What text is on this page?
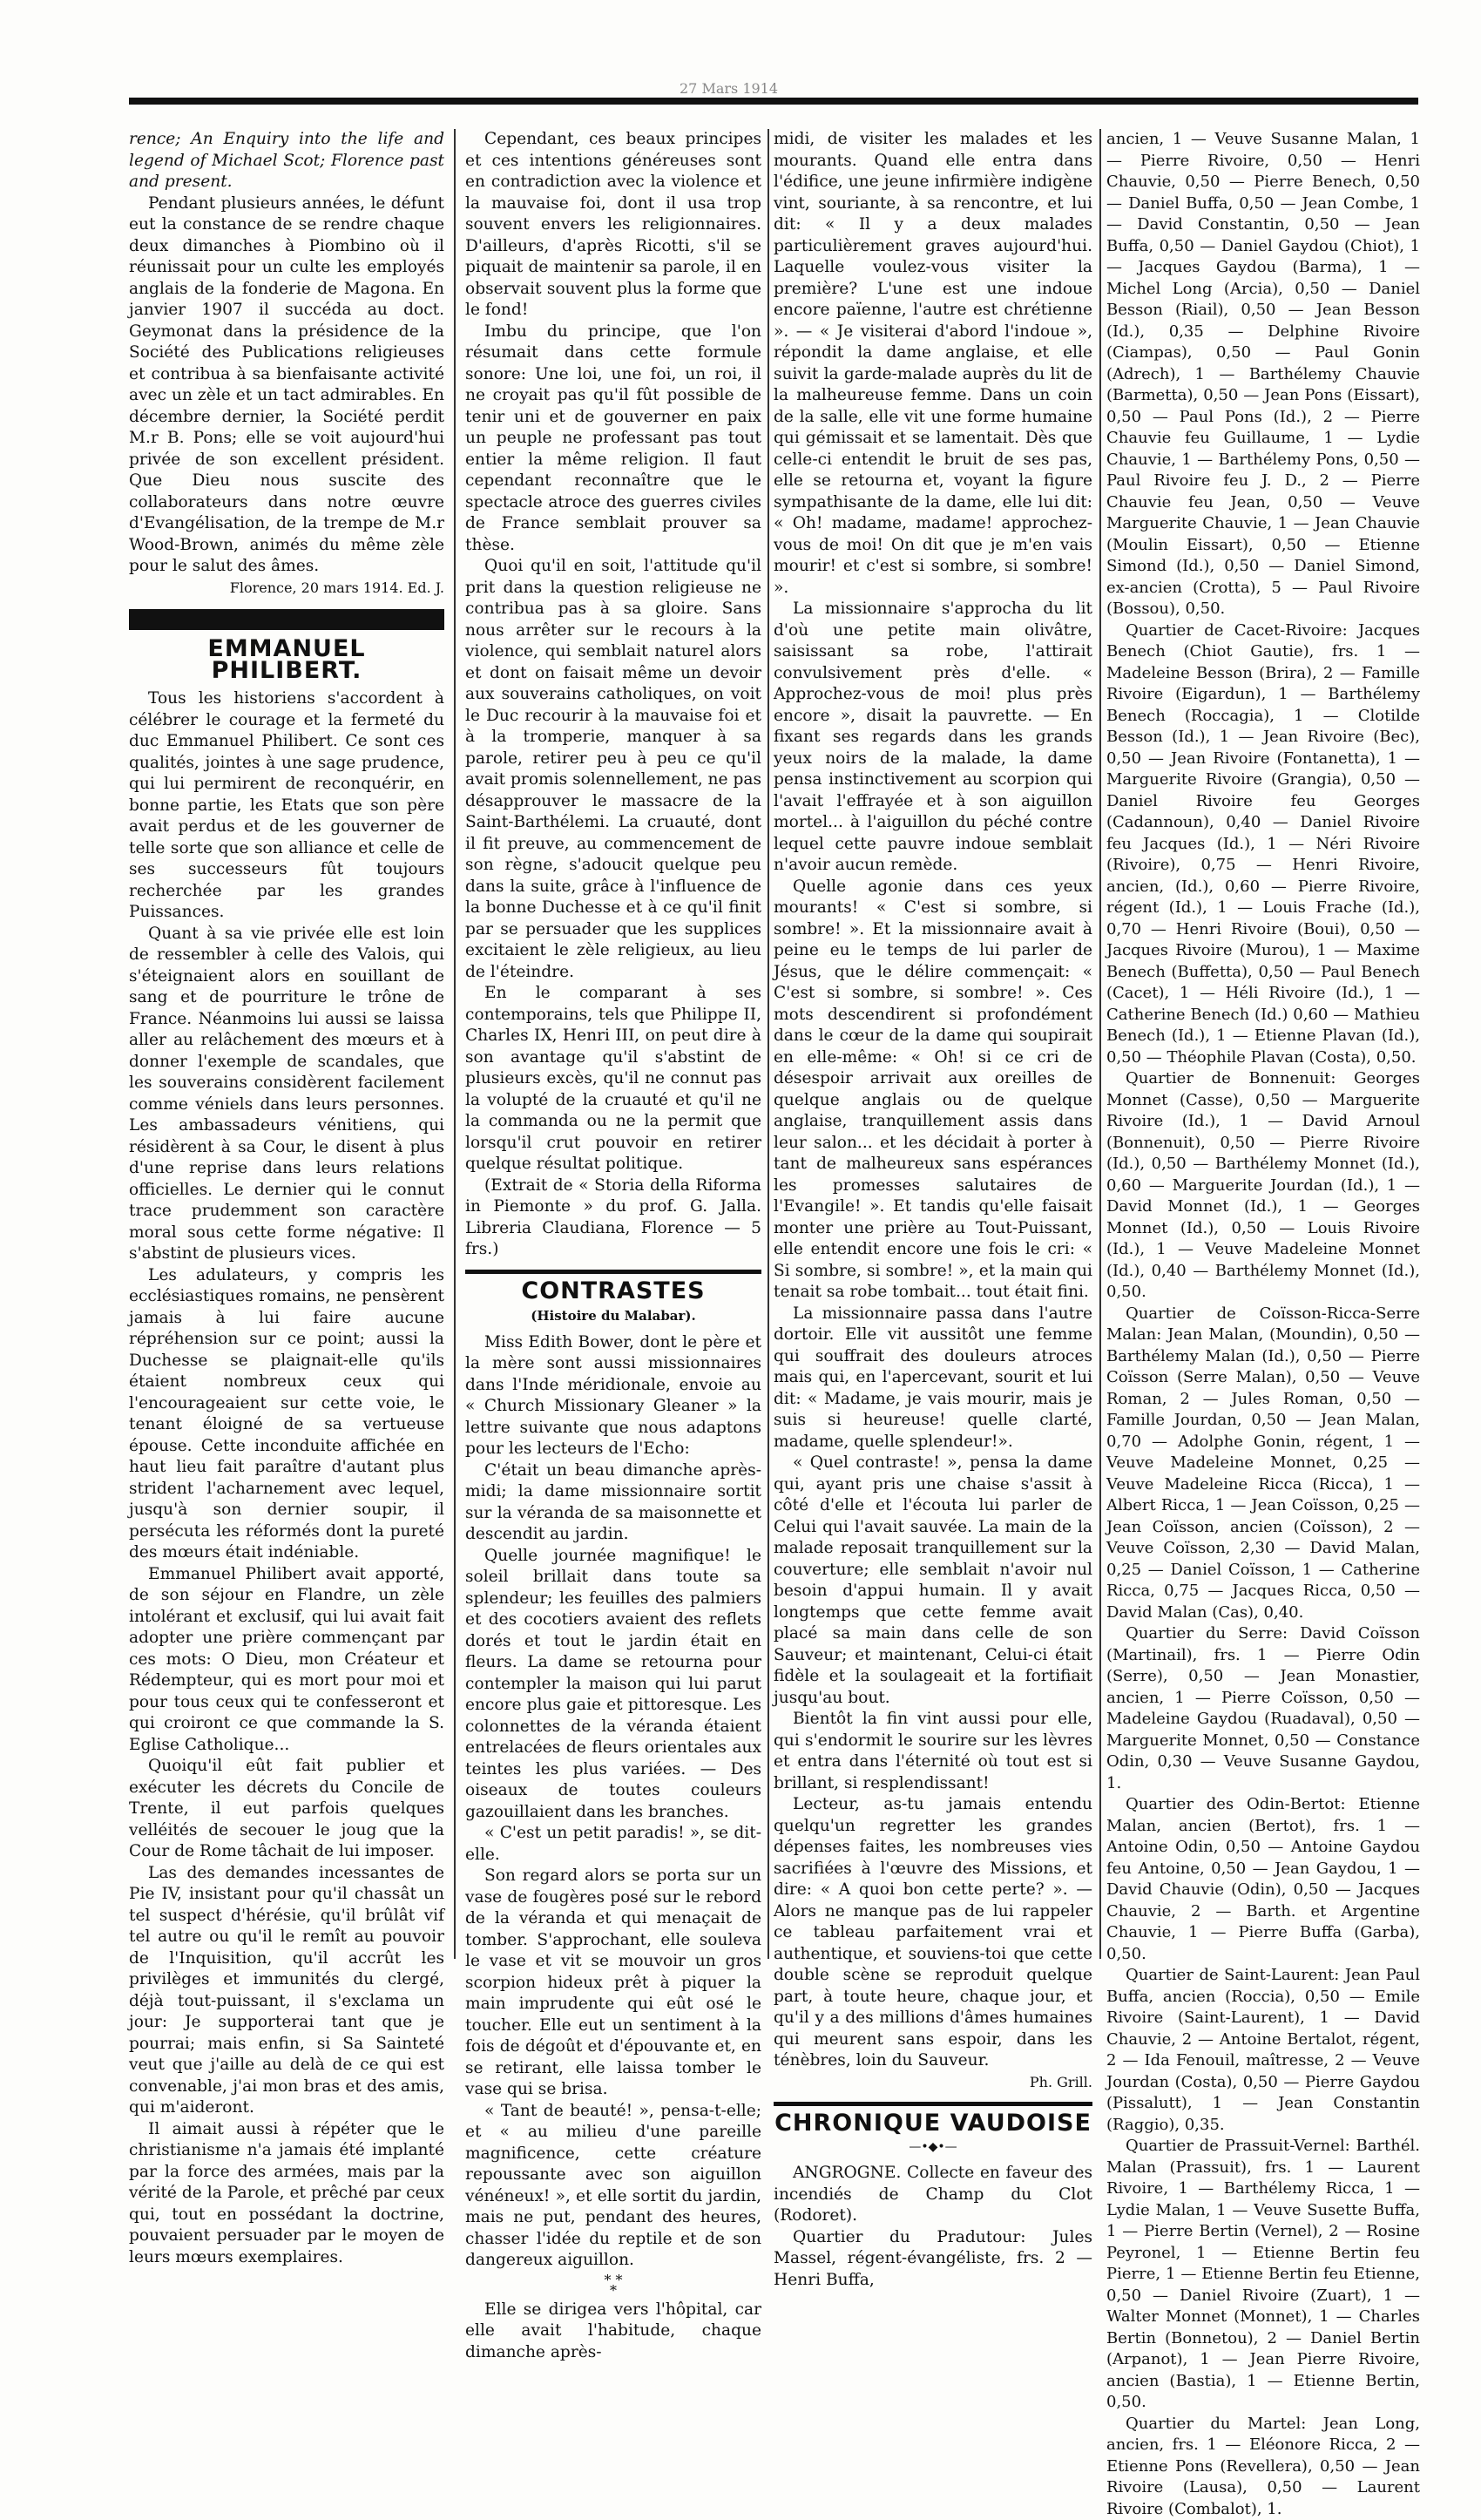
27 Mars 1914

rence; An Enquiry into the life and legend of Michael Scot; Florence past and present.

Pendant plusieurs années, le défunt eut la constance de se rendre chaque deux dimanches à Piombino où il réunissait pour un culte les employés anglais de la fonderie de Magona. En janvier 1907 il succéda au doct. Geymonat dans la présidence de la Société des Publications religieuses et contribua à sa bienfaisante activité avec un zèle et un tact admirables. En décembre dernier, la Société perdit M.r B. Pons; elle se voit aujourd'hui privée de son excellent président. Que Dieu nous suscite des collaborateurs dans notre œuvre d'Evangélisation, de la trempe de M.r Wood-Brown, animés du même zèle pour le salut des âmes.

Florence, 20 mars 1914. Ed. J.
EMMANUEL PHILIBERT.

Tous les historiens s'accordent à célébrer le courage et la fermeté du duc Emmanuel Philibert. Ce sont ces qualités, jointes à une sage prudence, qui lui permirent de reconquérir, en bonne partie, les Etats que son père avait perdus et de les gouverner de telle sorte que son alliance et celle de ses successeurs fût toujours recherchée par les grandes Puissances.

Quant à sa vie privée elle est loin de ressembler à celle des Valois, qui s'éteignaient alors en souillant de sang et de pourriture le trône de France. Néanmoins lui aussi se laissa aller au relâchement des mœurs et à donner l'exemple de scandales, que les souverains considèrent facilement comme véniels dans leurs personnes. Les ambassadeurs vénitiens, qui résidèrent à sa Cour, le disent à plus d'une reprise dans leurs relations officielles. Le dernier qui le connut trace prudemment son caractère moral sous cette forme négative: Il s'abstint de plusieurs vices.

Les adulateurs, y compris les ecclésiastiques romains, ne pensèrent jamais à lui faire aucune répréhension sur ce point; aussi la Duchesse se plaignait-elle qu'ils étaient nombreux ceux qui l'encourageaient sur cette voie, le tenant éloigné de sa vertueuse épouse. Cette inconduite affichée en haut lieu fait paraître d'autant plus strident l'acharnement avec lequel, jusqu'à son dernier soupir, il persécuta les réformés dont la pureté des mœurs était indéniable.

Emmanuel Philibert avait apporté, de son séjour en Flandre, un zèle intolérant et exclusif, qui lui avait fait adopter une prière commençant par ces mots: O Dieu, mon Créateur et Rédempteur, qui es mort pour moi et pour tous ceux qui te confesseront et qui croiront ce que commande la S. Eglise Catholique...

Quoiqu'il eût fait publier et exécuter les décrets du Concile de Trente, il eut parfois quelques velléités de secouer le joug que la Cour de Rome tâchait de lui imposer.

Las des demandes incessantes de Pie IV, insistant pour qu'il chassât un tel suspect d'hérésie, qu'il brûlât vif tel autre ou qu'il le remît au pouvoir de l'Inquisition, qu'il accrût les privilèges et immunités du clergé, déjà tout-puissant, il s'exclama un jour: Je supporterai tant que je pourrai; mais enfin, si Sa Sainteté veut que j'aille au delà de ce qui est convenable, j'ai mon bras et des amis, qui m'aideront.

Il aimait aussi à répéter que le christianisme n'a jamais été implanté par la force des armées, mais par la vérité de la Parole, et prêché par ceux qui, tout en possédant la doctrine, pouvaient persuader par le moyen de leurs mœurs exemplaires.

Cependant, ces beaux principes et ces intentions généreuses sont en contradiction avec la violence et la mauvaise foi, dont il usa trop souvent envers les religionnaires. D'ailleurs, d'après Ricotti, s'il se piquait de maintenir sa parole, il en observait souvent plus la forme que le fond!

Imbu du principe, que l'on résumait dans cette formule sonore: Une loi, une foi, un roi, il ne croyait pas qu'il fût possible de tenir uni et de gouverner en paix un peuple ne professant pas tout entier la même religion. Il faut cependant reconnaître que le spectacle atroce des guerres civiles de France semblait prouver sa thèse.

Quoi qu'il en soit, l'attitude qu'il prit dans la question religieuse ne contribua pas à sa gloire. Sans nous arrêter sur le recours à la violence, qui semblait naturel alors et dont on faisait même un devoir aux souverains catholiques, on voit le Duc recourir à la mauvaise foi et à la tromperie, manquer à sa parole, retirer peu à peu ce qu'il avait promis solennellement, ne pas désapprouver le massacre de la Saint-Barthélemi. La cruauté, dont il fit preuve, au commencement de son règne, s'adoucit quelque peu dans la suite, grâce à l'influence de la bonne Duchesse et à ce qu'il finit par se persuader que les supplices excitaient le zèle religieux, au lieu de l'éteindre.

En le comparant à ses contemporains, tels que Philippe II, Charles IX, Henri III, on peut dire à son avantage qu'il s'abstint de plusieurs excès, qu'il ne connut pas la volupté de la cruauté et qu'il ne la commanda ou ne la permit que lorsqu'il crut pouvoir en retirer quelque résultat politique.

(Extrait de « Storia della Riforma in Piemonte » du prof. G. Jalla. Libreria Claudiana, Florence — 5 frs.)

CONTRASTES
(Histoire du Malabar).

Miss Edith Bower, dont le père et la mère sont aussi missionnaires dans l'Inde méridionale, envoie au « Church Missionary Gleaner » la lettre suivante que nous adaptons pour les lecteurs de l'Echo:

C'était un beau dimanche après-midi; la dame missionnaire sortit sur la véranda de sa maisonnette et descendit au jardin.

Quelle journée magnifique! le soleil brillait dans toute sa splendeur; les feuilles des palmiers et des cocotiers avaient des reflets dorés et tout le jardin était en fleurs. La dame se retourna pour contempler la maison qui lui parut encore plus gaie et pittoresque. Les colonnettes de la véranda étaient entrelacées de fleurs orientales aux teintes les plus variées. — Des oiseaux de toutes couleurs gazouillaient dans les branches.

« C'est un petit paradis! », se dit-elle.

Son regard alors se porta sur un vase de fougères posé sur le rebord de la véranda et qui menaçait de tomber. S'approchant, elle souleva le vase et vit se mouvoir un gros scorpion hideux prêt à piquer la main imprudente qui eût osé le toucher. Elle eut un sentiment à la fois de dégoût et d'épouvante et, en se retirant, elle laissa tomber le vase qui se brisa.

« Tant de beauté! », pensa-t-elle; et « au milieu d'une pareille magnificence, cette créature repoussante avec son aiguillon vénéneux! », et elle sortit du jardin, mais ne put, pendant des heures, chasser l'idée du reptile et de son dangereux aiguillon.

* *
*

Elle se dirigea vers l'hôpital, car elle avait l'habitude, chaque dimanche après-

midi, de visiter les malades et les mourants. Quand elle entra dans l'édifice, une jeune infirmière indigène vint, souriante, à sa rencontre, et lui dit: « Il y a deux malades particulièrement graves aujourd'hui. Laquelle voulez-vous visiter la première? L'une est une indoue encore païenne, l'autre est chrétienne ». — « Je visiterai d'abord l'indoue », répondit la dame anglaise, et elle suivit la garde-malade auprès du lit de la malheureuse femme. Dans un coin de la salle, elle vit une forme humaine qui gémissait et se lamentait. Dès que celle-ci entendit le bruit de ses pas, elle se retourna et, voyant la figure sympathisante de la dame, elle lui dit: « Oh! madame, madame! approchez-vous de moi! On dit que je m'en vais mourir! et c'est si sombre, si sombre! ».

La missionnaire s'approcha du lit d'où une petite main olivâtre, saisissant sa robe, l'attirait convulsivement près d'elle. « Approchez-vous de moi! plus près encore », disait la pauvrette. — En fixant ses regards dans les grands yeux noirs de la malade, la dame pensa instinctivement au scorpion qui l'avait l'effrayée et à son aiguillon mortel... à l'aiguillon du péché contre lequel cette pauvre indoue semblait n'avoir aucun remède.

Quelle agonie dans ces yeux mourants! « C'est si sombre, si sombre! ». Et la missionnaire avait à peine eu le temps de lui parler de Jésus, que le délire commençait: « C'est si sombre, si sombre! ». Ces mots descendirent si profondément dans le cœur de la dame qui soupirait en elle-même: « Oh! si ce cri de désespoir arrivait aux oreilles de quelque anglais ou de quelque anglaise, tranquillement assis dans leur salon... et les décidait à porter à tant de malheureux sans espérances les promesses salutaires de l'Evangile! ». Et tandis qu'elle faisait monter une prière au Tout-Puissant, elle entendit encore une fois le cri: « Si sombre, si sombre! », et la main qui tenait sa robe tombait... tout était fini.

La missionnaire passa dans l'autre dortoir. Elle vit aussitôt une femme qui souffrait des douleurs atroces mais qui, en l'apercevant, sourit et lui dit: « Madame, je vais mourir, mais je suis si heureuse! quelle clarté, madame, quelle splendeur!».

« Quel contraste! », pensa la dame qui, ayant pris une chaise s'assit à côté d'elle et l'écouta lui parler de Celui qui l'avait sauvée. La main de la malade reposait tranquillement sur la couverture; elle semblait n'avoir nul besoin d'appui humain. Il y avait longtemps que cette femme avait placé sa main dans celle de son Sauveur; et maintenant, Celui-ci était fidèle et la soulageait et la fortifiait jusqu'au bout.

Bientôt la fin vint aussi pour elle, qui s'endormit le sourire sur les lèvres et entra dans l'éternité où tout est si brillant, si resplendissant!

Lecteur, as-tu jamais entendu quelqu'un regretter les grandes dépenses faites, les nombreuses vies sacrifiées à l'œuvre des Missions, et dire: « A quoi bon cette perte? ». — Alors ne manque pas de lui rappeler ce tableau parfaitement vrai et authentique, et souviens-toi que cette double scène se reproduit quelque part, à toute heure, chaque jour, et qu'il y a des millions d'âmes humaines qui meurent sans espoir, dans les ténèbres, loin du Sauveur.

Ph. Grill.
CHRONIQUE VAUDOISE
—•◆•—

ANGROGNE. Collecte en faveur des incendiés de Champ du Clot (Rodoret).

Quartier du Pradutour: Jules Massel, régent-évangéliste, frs. 2 — Henri Buffa,

ancien, 1 — Veuve Susanne Malan, 1 — Pierre Rivoire, 0,50 — Henri Chauvie, 0,50 — Pierre Benech, 0,50 — Daniel Buffa, 0,50 — Jean Combe, 1 — David Constantin, 0,50 — Jean Buffa, 0,50 — Daniel Gaydou (Chiot), 1 — Jacques Gaydou (Barma), 1 — Michel Long (Arcia), 0,50 — Daniel Besson (Riail), 0,50 — Jean Besson (Id.), 0,35 — Delphine Rivoire (Ciampas), 0,50 — Paul Gonin (Adrech), 1 — Barthélemy Chauvie (Barmetta), 0,50 — Jean Pons (Eissart), 0,50 — Paul Pons (Id.), 2 — Pierre Chauvie feu Guillaume, 1 — Lydie Chauvie, 1 — Barthélemy Pons, 0,50 — Paul Rivoire feu J. D., 2 — Pierre Chauvie feu Jean, 0,50 — Veuve Marguerite Chauvie, 1 — Jean Chauvie (Moulin Eissart), 0,50 — Etienne Simond (Id.), 0,50 — Daniel Simond, ex-ancien (Crotta), 5 — Paul Rivoire (Bossou), 0,50.

Quartier de Cacet-Rivoire: Jacques Benech (Chiot Gautie), frs. 1 — Madeleine Besson (Brira), 2 — Famille Rivoire (Eigardun), 1 — Barthélemy Benech (Roccagia), 1 — Clotilde Besson (Id.), 1 — Jean Rivoire (Bec), 0,50 — Jean Rivoire (Fontanetta), 1 — Marguerite Rivoire (Grangia), 0,50 — Daniel Rivoire feu Georges (Cadannoun), 0,40 — Daniel Rivoire feu Jacques (Id.), 1 — Néri Rivoire (Rivoire), 0,75 — Henri Rivoire, ancien, (Id.), 0,60 — Pierre Rivoire, régent (Id.), 1 — Louis Frache (Id.), 0,70 — Henri Rivoire (Boui), 0,50 — Jacques Rivoire (Murou), 1 — Maxime Benech (Buffetta), 0,50 — Paul Benech (Cacet), 1 — Héli Rivoire (Id.), 1 — Catherine Benech (Id.) 0,60 — Mathieu Benech (Id.), 1 — Etienne Plavan (Id.), 0,50 — Théophile Plavan (Costa), 0,50.

Quartier de Bonnenuit: Georges Monnet (Casse), 0,50 — Marguerite Rivoire (Id.), 1 — David Arnoul (Bonnenuit), 0,50 — Pierre Rivoire (Id.), 0,50 — Barthélemy Monnet (Id.), 0,60 — Marguerite Jourdan (Id.), 1 — David Monnet (Id.), 1 — Georges Monnet (Id.), 0,50 — Louis Rivoire (Id.), 1 — Veuve Madeleine Monnet (Id.), 0,40 — Barthélemy Monnet (Id.), 0,50.

Quartier de Coïsson-Ricca-Serre Malan: Jean Malan, (Moundin), 0,50 — Barthélemy Malan (Id.), 0,50 — Pierre Coïsson (Serre Malan), 0,50 — Veuve Roman, 2 — Jules Roman, 0,50 — Famille Jourdan, 0,50 — Jean Malan, 0,70 — Adolphe Gonin, régent, 1 — Veuve Madeleine Monnet, 0,25 — Veuve Madeleine Ricca (Ricca), 1 — Albert Ricca, 1 — Jean Coïsson, 0,25 — Jean Coïsson, ancien (Coïsson), 2 — Veuve Coïsson, 2,30 — David Malan, 0,25 — Daniel Coïsson, 1 — Catherine Ricca, 0,75 — Jacques Ricca, 0,50 — David Malan (Cas), 0,40.

Quartier du Serre: David Coïsson (Martinail), frs. 1 — Pierre Odin (Serre), 0,50 — Jean Monastier, ancien, 1 — Pierre Coïsson, 0,50 — Madeleine Gaydou (Ruadaval), 0,50 — Marguerite Monnet, 0,50 — Constance Odin, 0,30 — Veuve Susanne Gaydou, 1.

Quartier des Odin-Bertot: Etienne Malan, ancien (Bertot), frs. 1 — Antoine Odin, 0,50 — Antoine Gaydou feu Antoine, 0,50 — Jean Gaydou, 1 — David Chauvie (Odin), 0,50 — Jacques Chauvie, 2 — Barth. et Argentine Chauvie, 1 — Pierre Buffa (Garba), 0,50.

Quartier de Saint-Laurent: Jean Paul Buffa, ancien (Roccia), 0,50 — Emile Rivoire (Saint-Laurent), 1 — David Chauvie, 2 — Antoine Bertalot, régent, 2 — Ida Fenouil, maîtresse, 2 — Veuve Jourdan (Costa), 0,50 — Pierre Gaydou (Pissalutt), 1 — Jean Constantin (Raggio), 0,35.

Quartier de Prassuit-Vernel: Barthél. Malan (Prassuit), frs. 1 — Laurent Rivoire, 1 — Barthélemy Ricca, 1 — Lydie Malan, 1 — Veuve Susette Buffa, 1 — Pierre Bertin (Vernel), 2 — Rosine Peyronel, 1 — Etienne Bertin feu Pierre, 1 — Etienne Bertin feu Etienne, 0,50 — Daniel Rivoire (Zuart), 1 — Walter Monnet (Monnet), 1 — Charles Bertin (Bonnetou), 2 — Daniel Bertin (Arpanot), 1 — Jean Pierre Rivoire, ancien (Bastia), 1 — Etienne Bertin, 0,50.

Quartier du Martel: Jean Long, ancien, frs. 1 — Eléonore Ricca, 2 — Etienne Pons (Revellera), 0,50 — Jean Rivoire (Lausa), 0,50 — Laurent Rivoire (Combalot), 1.
